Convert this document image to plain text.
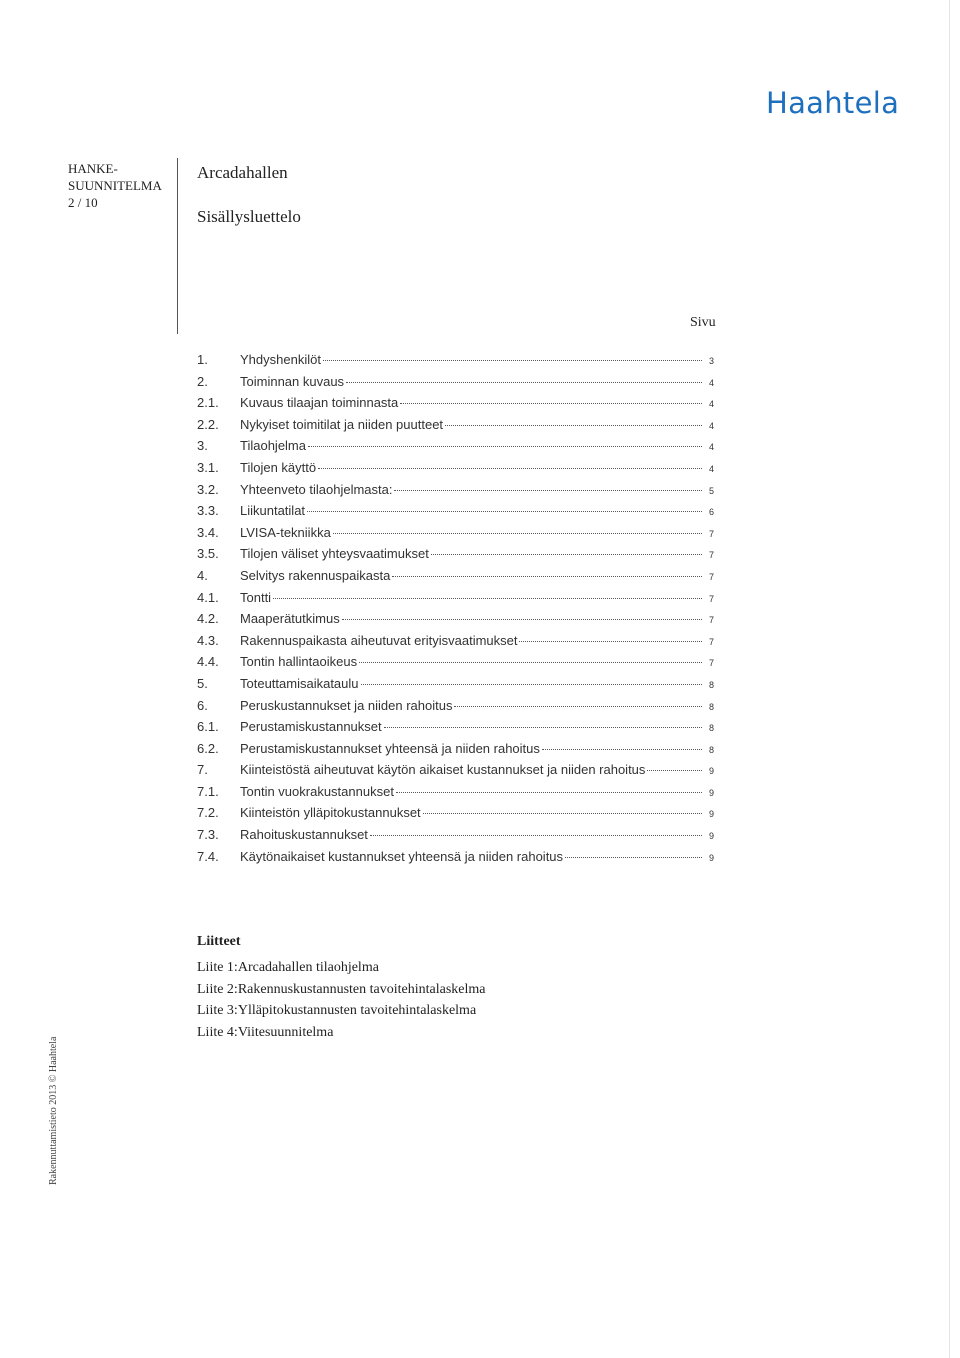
Haahtela
HANKE-
SUUNNITELMA
2 / 10
Arcadahallen
Sisällysluettelo
Sivu
1.	Yhdyshenkilöt	3
2.	Toiminnan kuvaus	4
2.1.	Kuvaus tilaajan toiminnasta	4
2.2.	Nykyiset toimitilat ja niiden puutteet	4
3.	Tilaohjelma	4
3.1.	Tilojen käyttö	4
3.2.	Yhteenveto tilaohjelmasta:	5
3.3.	Liikuntatilat	6
3.4.	LVISA-tekniikka	7
3.5.	Tilojen väliset yhteysvaatimukset	7
4.	Selvitys rakennuspaikasta	7
4.1.	Tontti	7
4.2.	Maaperätutkimus	7
4.3.	Rakennuspaikasta aiheutuvat erityisvaatimukset	7
4.4.	Tontin hallintaoikeus	7
5.	Toteuttamisaikataulu	8
6.	Peruskustannukset ja niiden rahoitus	8
6.1.	Perustamiskustannukset	8
6.2.	Perustamiskustannukset yhteensä ja niiden rahoitus	8
7.	Kiinteistöstä aiheutuvat käytön aikaiset kustannukset ja niiden rahoitus	9
7.1.	Tontin vuokrakustannukset	9
7.2.	Kiinteistön ylläpitokustannukset	9
7.3.	Rahoituskustannukset	9
7.4.	Käytönaikaiset kustannukset yhteensä ja niiden rahoitus	9
Liitteet
Liite 1:Arcadahallen tilaohjelma
Liite 2:Rakennuskustannusten tavoitehintalaskelma
Liite 3:Ylläpitokustannusten tavoitehintalaskelma
Liite 4:Viitesuunnitelma
Rakennuttamistieto 2013 © Haahtela
